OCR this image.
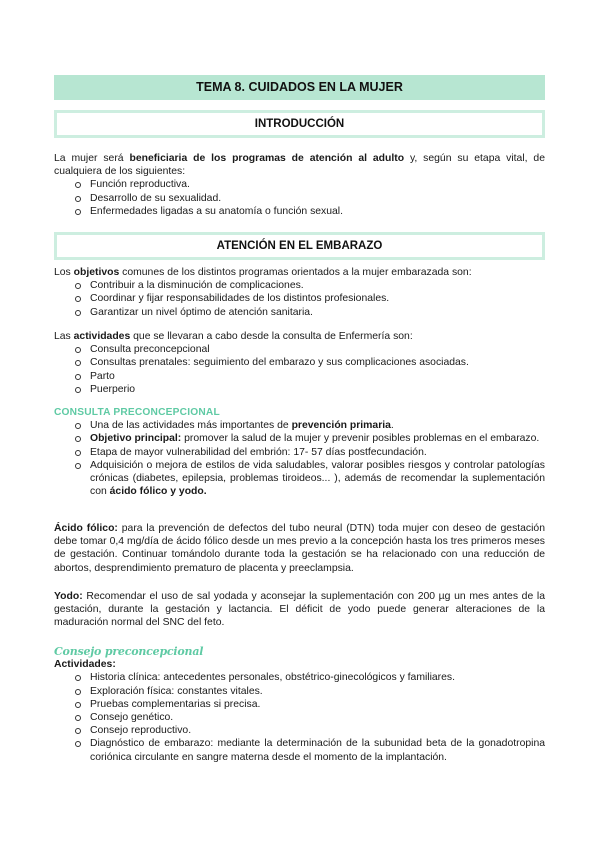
TEMA 8. CUIDADOS EN LA MUJER
INTRODUCCIÓN

La mujer será beneficiaria de los programas de atención al adulto y, según su etapa vital, de cualquiera de los siguientes:

Función reproductiva.
Desarrollo de su sexualidad.
Enfermedades ligadas a su anatomía o función sexual.
ATENCIÓN EN EL EMBARAZO

Los objetivos comunes de los distintos programas orientados a la mujer embarazada son:

Contribuir a la disminución de complicaciones.
Coordinar y fijar responsabilidades de los distintos profesionales.
Garantizar un nivel óptimo de atención sanitaria.

Las actividades que se llevaran a cabo desde la consulta de Enfermería son:

Consulta preconcepcional
Consultas prenatales: seguimiento del embarazo y sus complicaciones asociadas.
Parto
Puerperio

CONSULTA PRECONCEPCIONAL

Una de las actividades más importantes de prevención primaria.
Objetivo principal: promover la salud de la mujer y prevenir posibles problemas en el embarazo.
Etapa de mayor vulnerabilidad del embrión: 17- 57 días postfecundación.
Adquisición o mejora de estilos de vida saludables, valorar posibles riesgos y controlar patologías crónicas (diabetes, epilepsia, problemas tiroideos... ), además de recomendar la suplementación con ácido fólico y yodo.

Ácido fólico: para la prevención de defectos del tubo neural (DTN) toda mujer con deseo de gestación debe tomar 0,4 mg/día de ácido fólico desde un mes previo a la concepción hasta los tres primeros meses de gestación. Continuar tomándolo durante toda la gestación se ha relacionado con una reducción de abortos, desprendimiento prematuro de placenta y preeclampsia.

Yodo: Recomendar el uso de sal yodada y aconsejar la suplementación con 200 µg un mes antes de la gestación, durante la gestación y lactancia. El déficit de yodo puede generar alteraciones de la maduración normal del SNC del feto.

Consejo preconcepcional

Actividades:

Historia clínica: antecedentes personales, obstétrico-ginecológicos y familiares.
Exploración física: constantes vitales.
Pruebas complementarias si precisa.
Consejo genético.
Consejo reproductivo.
Diagnóstico de embarazo: mediante la determinación de la subunidad beta de la gonadotropina coriónica circulante en sangre materna desde el momento de la implantación.
